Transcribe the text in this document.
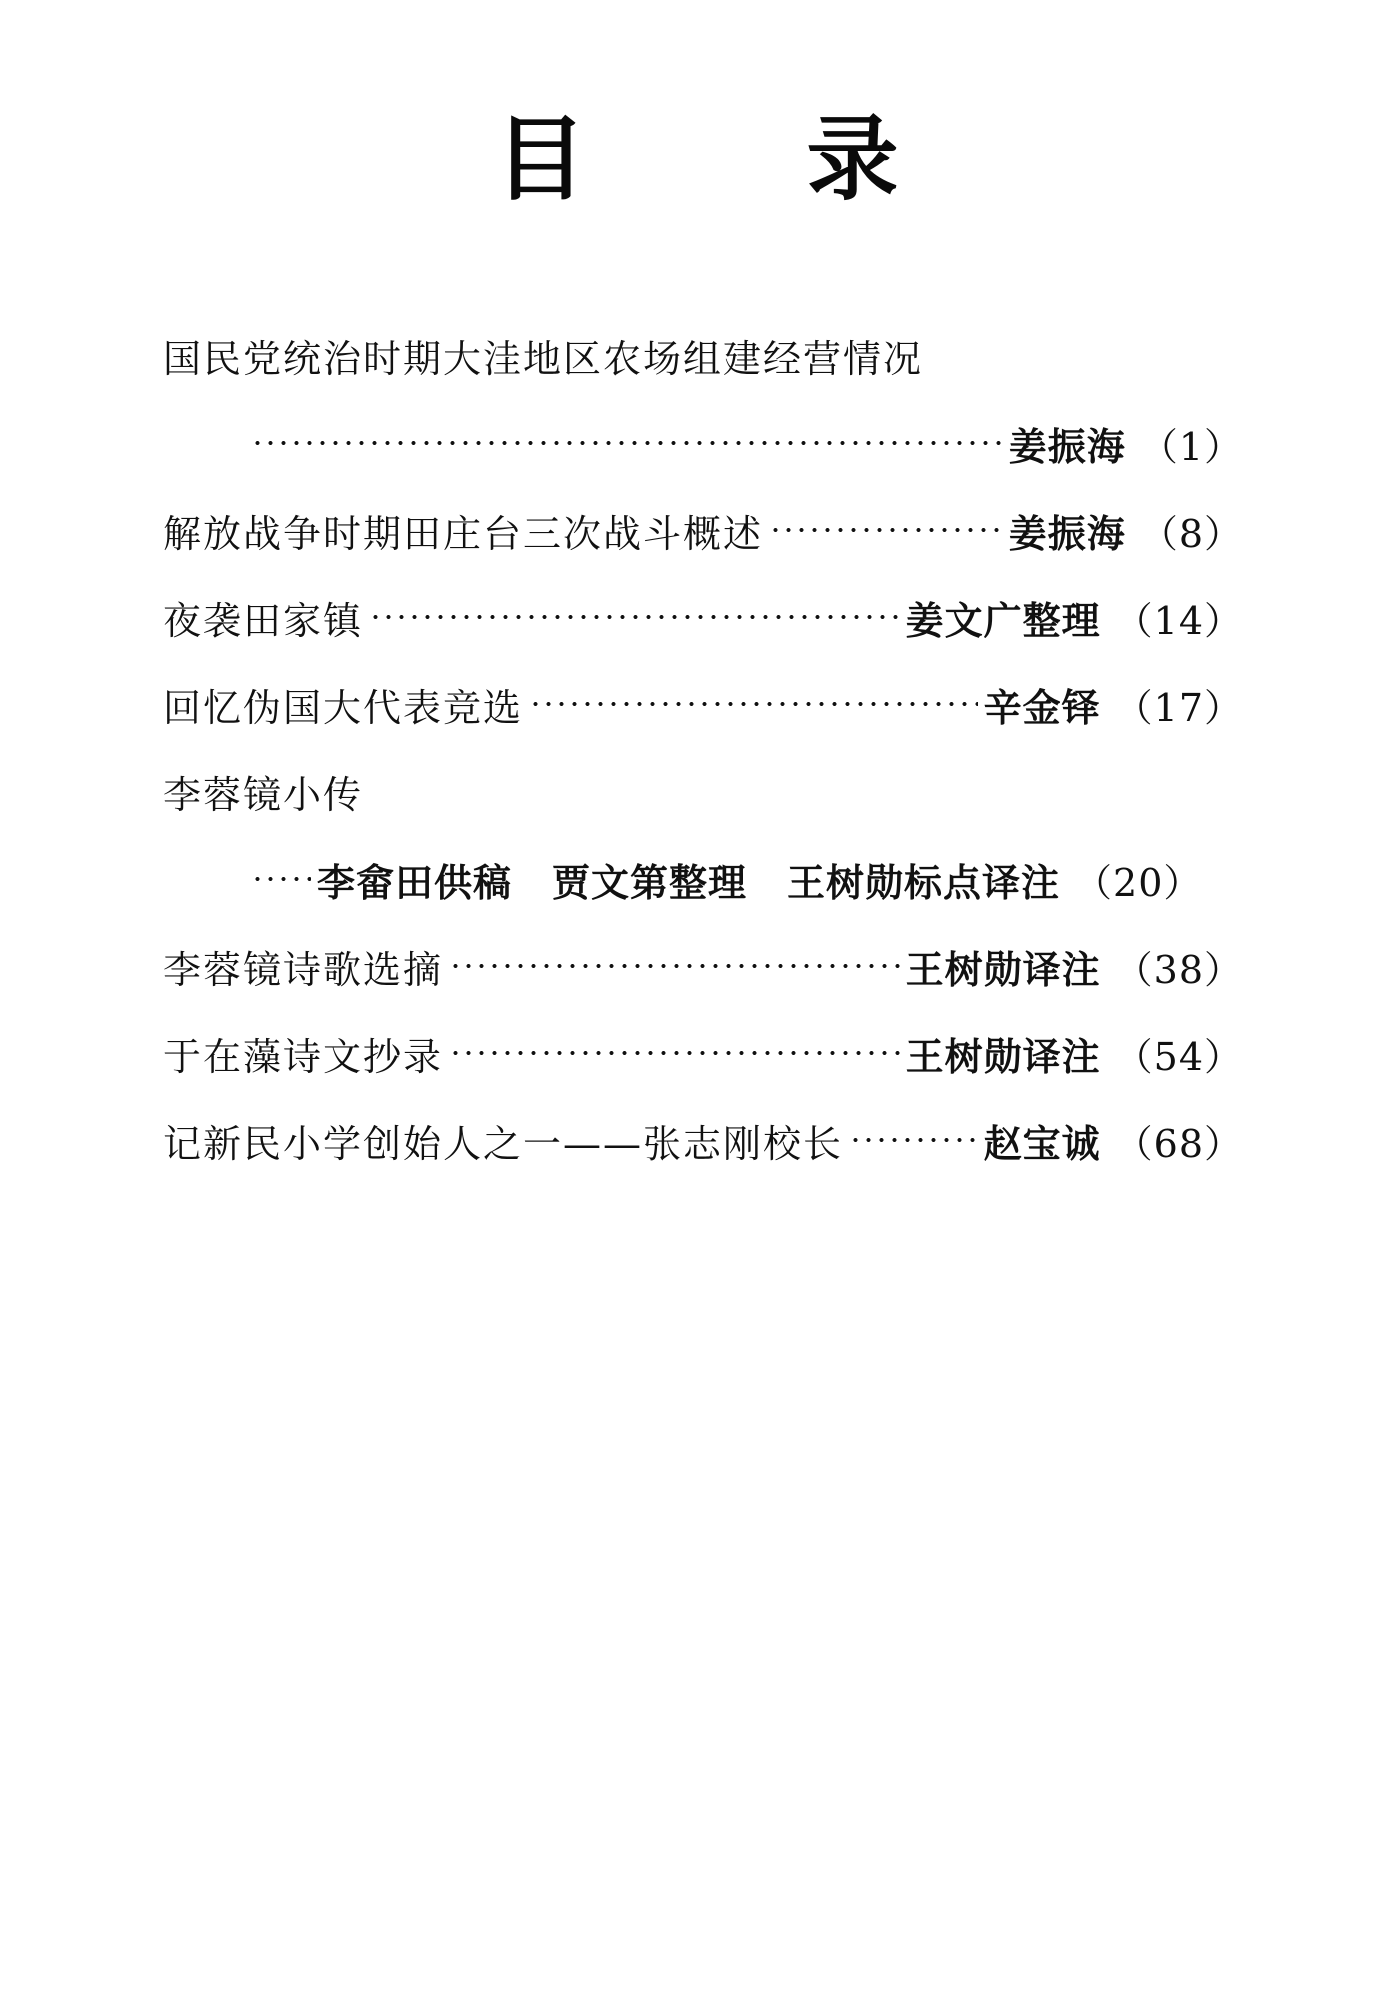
目 录
国民党统治时期大洼地区农场组建经营情况
姜振海 （1）
解放战争时期田庄台三次战斗概述	姜振海 （8）
夜袭田家镇	姜文广整理 （14）
回忆伪国大代表竞选	辛金铎 （17）
李蓉镜小传
李畲田供稿 贾文第整理 王树勋标点译注 （20）
李蓉镜诗歌选摘	王树勋译注 （38）
于在藻诗文抄录	王树勋译注 （54）
记新民小学创始人之一——张志刚校长	赵宝诚 （68）
